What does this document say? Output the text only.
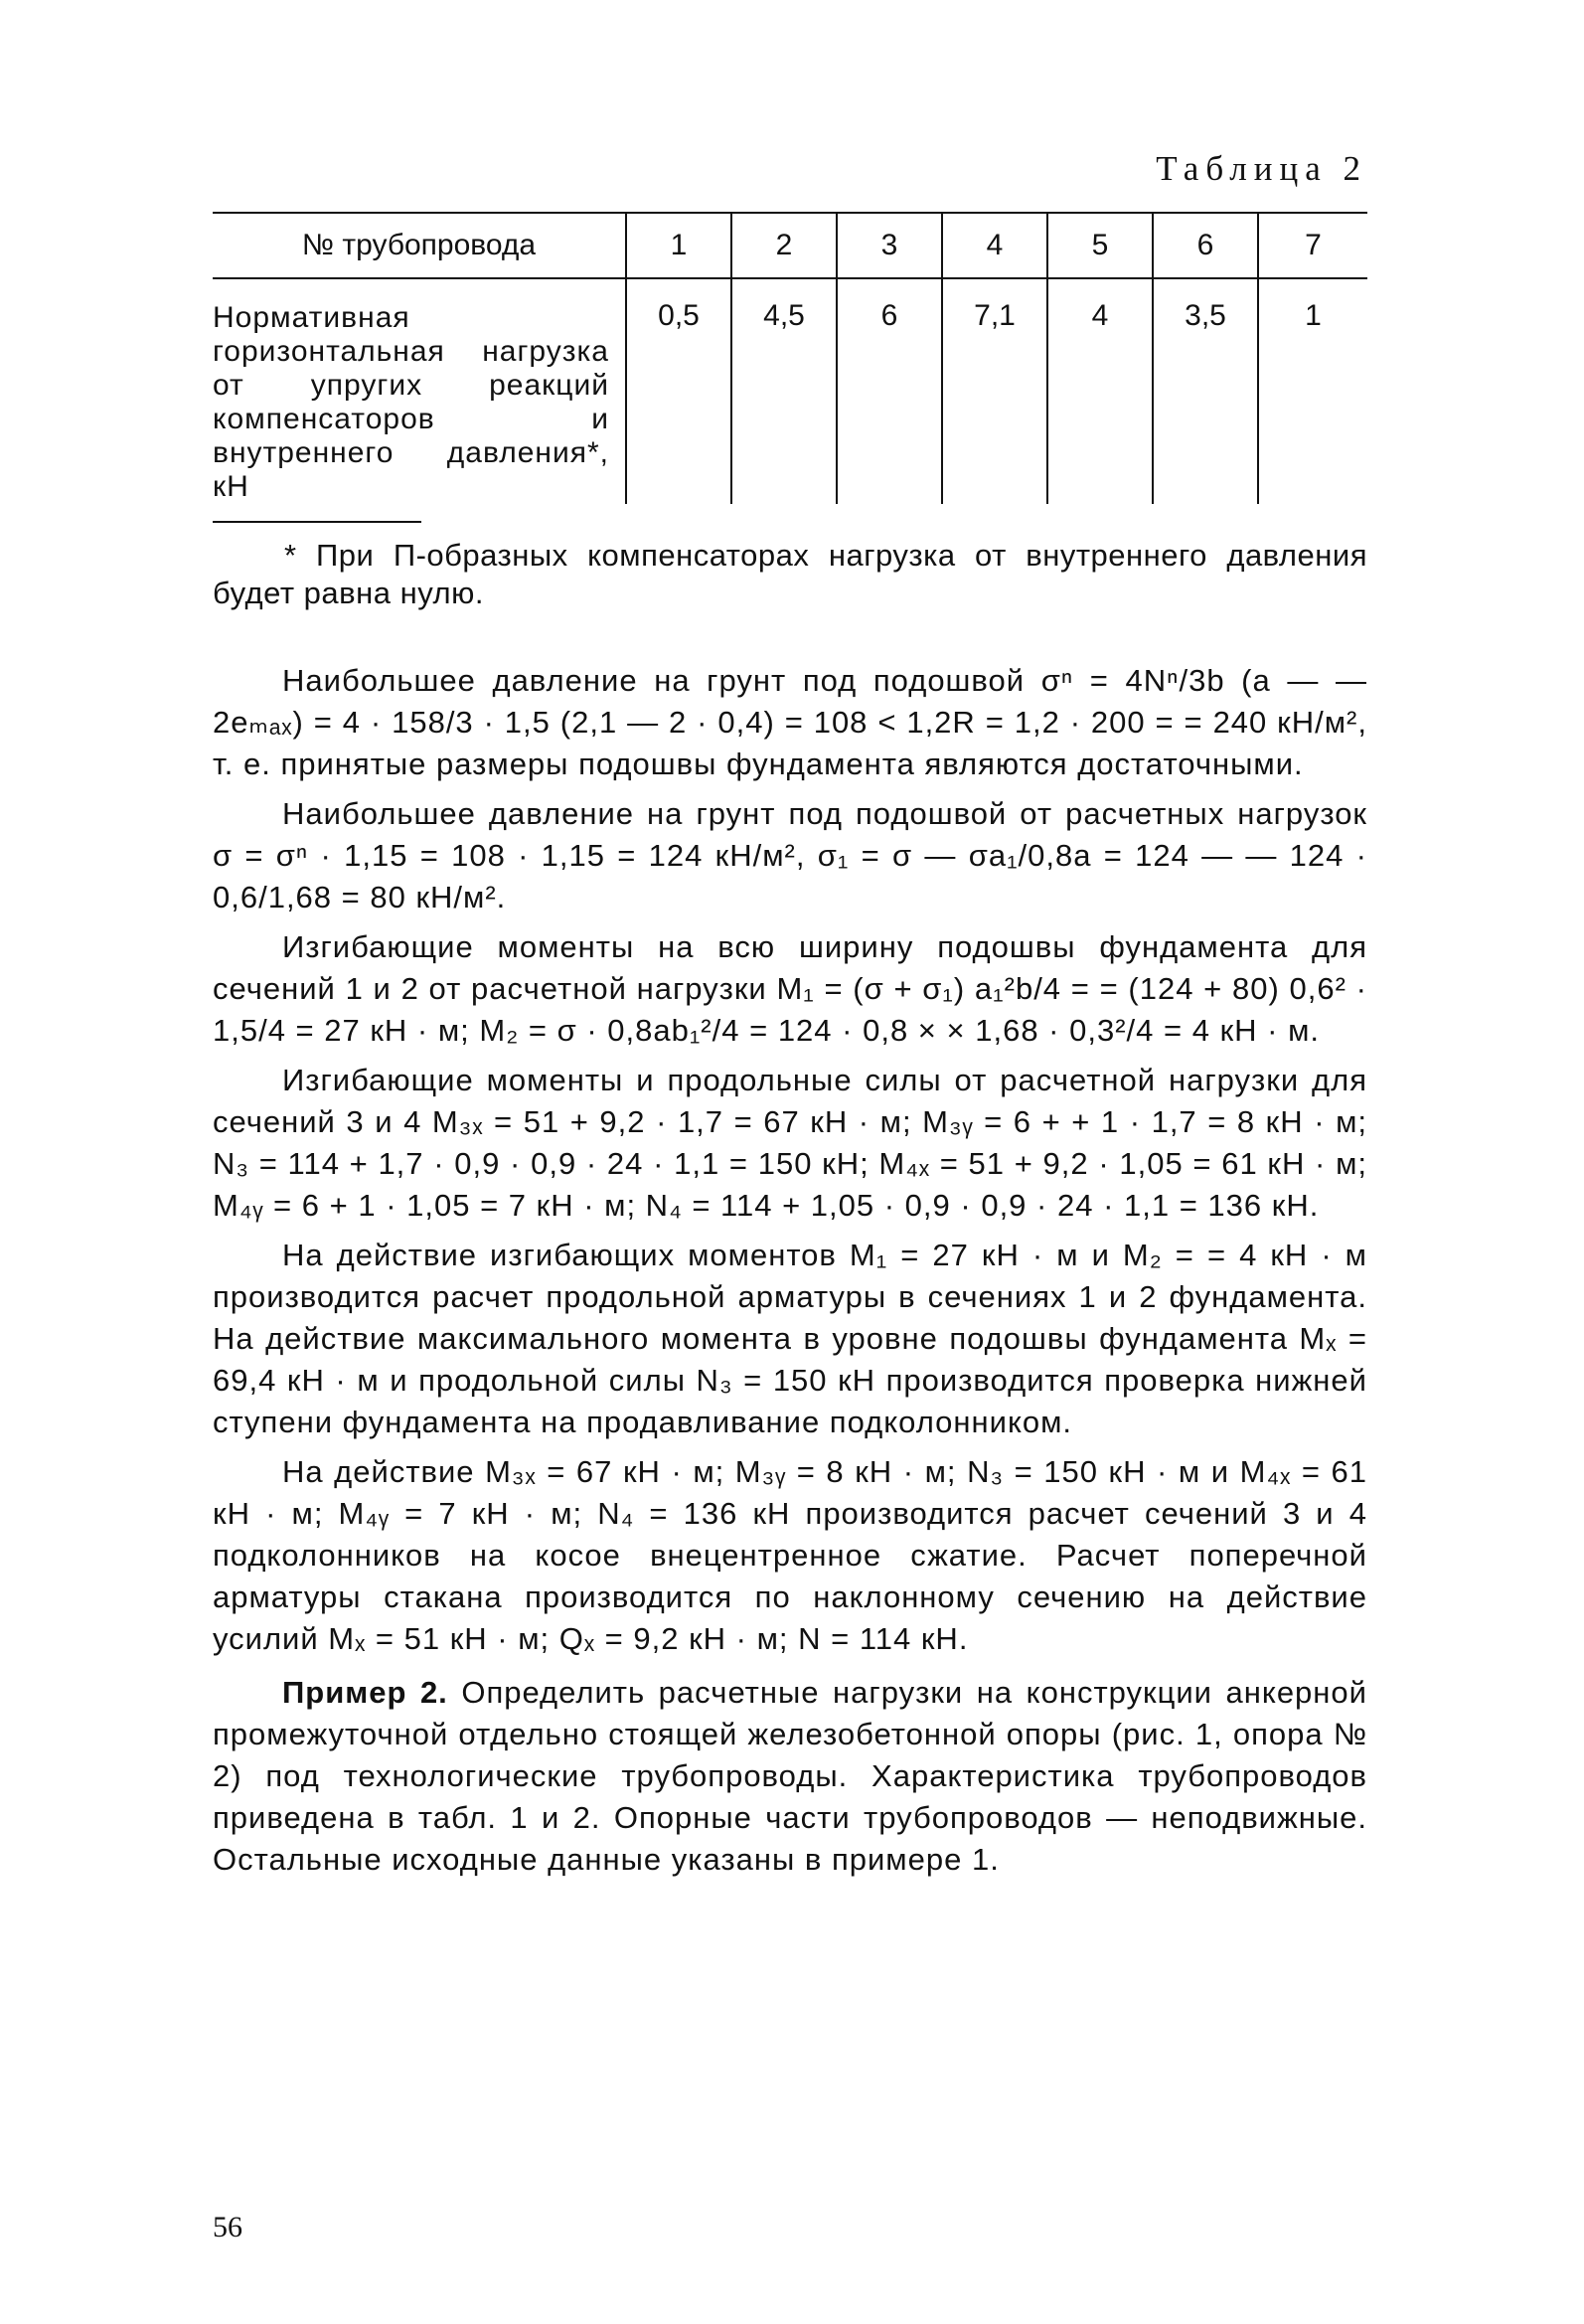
Таблица 2
№ трубопровода	1	2	3	4	5	6	7
Нормативная горизонтальная нагрузка от упругих реакций компенсаторов и внутреннего давления*, кН	0,5	4,5	6	7,1	4	3,5	1
* При П-образных компенсаторах нагрузка от внутреннего давления будет равна нулю.

Наибольшее давление на грунт под подошвой σⁿ = 4Nⁿ/3b (a — — 2eₘₐₓ) = 4 · 158/3 · 1,5 (2,1 — 2 · 0,4) = 108 < 1,2R = 1,2 · 200 = = 240 кН/м², т. е. принятые размеры подошвы фундамента являются достаточными.

Наибольшее давление на грунт под подошвой от расчетных нагрузок σ = σⁿ · 1,15 = 108 · 1,15 = 124 кН/м², σ₁ = σ — σa₁/0,8a = 124 — — 124 · 0,6/1,68 = 80 кН/м².

Изгибающие моменты на всю ширину подошвы фундамента для сечений 1 и 2 от расчетной нагрузки M₁ = (σ + σ₁) a₁²b/4 = = (124 + 80) 0,6² · 1,5/4 = 27 кН · м; M₂ = σ · 0,8ab₁²/4 = 124 · 0,8 × × 1,68 · 0,3²/4 = 4 кН · м.

Изгибающие моменты и продольные силы от расчетной нагрузки для сечений 3 и 4 M₃ₓ = 51 + 9,2 · 1,7 = 67 кН · м; M₃ᵧ = 6 + + 1 · 1,7 = 8 кН · м; N₃ = 114 + 1,7 · 0,9 · 0,9 · 24 · 1,1 = 150 кН; M₄ₓ = 51 + 9,2 · 1,05 = 61 кН · м; M₄ᵧ = 6 + 1 · 1,05 = 7 кН · м; N₄ = 114 + 1,05 · 0,9 · 0,9 · 24 · 1,1 = 136 кН.

На действие изгибающих моментов M₁ = 27 кН · м и M₂ = = 4 кН · м производится расчет продольной арматуры в сечениях 1 и 2 фундамента. На действие максимального момента в уровне подошвы фундамента Mₓ = 69,4 кН · м и продольной силы N₃ = 150 кН производится проверка нижней ступени фундамента на продавливание подколонником.

На действие M₃ₓ = 67 кН · м; M₃ᵧ = 8 кН · м; N₃ = 150 кН · м и M₄ₓ = 61 кН · м; M₄ᵧ = 7 кН · м; N₄ = 136 кН производится расчет сечений 3 и 4 подколонников на косое внецентренное сжатие. Расчет поперечной арматуры стакана производится по наклонному сечению на действие усилий Mₓ = 51 кН · м; Qₓ = 9,2 кН · м; N = 114 кН.

Пример 2. Определить расчетные нагрузки на конструкции анкерной промежуточной отдельно стоящей железобетонной опоры (рис. 1, опора № 2) под технологические трубопроводы. Характеристика трубопроводов приведена в табл. 1 и 2. Опорные части трубопроводов — неподвижные. Остальные исходные данные указаны в примере 1.

56
